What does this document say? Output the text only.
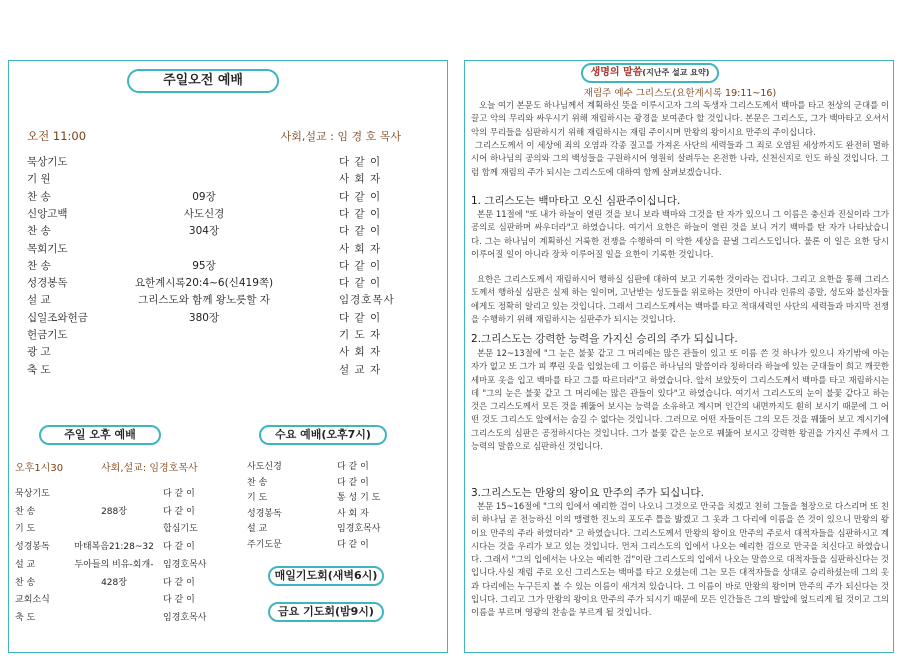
주일오전 예배
오전 11:00	사회,설교 : 임 경 호 목사
묵상기도	다 같 이
기 원	사 회 자
찬 송	09장	다 같 이
신앙고백	사도신경	다 같 이
찬 송	304장	다 같 이
목회기도	사 회 자
찬 송	95장	다 같 이
성경봉독	요한계시록20:4~6(신419쪽)	다 같 이
설 교	그리스도와 함께 왕노릇할 자	임경호목사
십일조와헌금	380장	다 같 이
헌금기도	기 도 자
광 고	사 회 자
축 도	설 교 자
주일 오후 예배	수요 예배(오후7시)
오후1시30	사회,설교: 임경호목사
묵상기도	다 같 이
찬 송	288장	다 같 이
기 도	합심기도
성경봉독	마태복음21:28~32	다 같 이
설 교	두아들의 비유-회개-	임경호목사
찬 송	428장	다 같 이
교회소식	다 같 이
축 도	임경호목사
사도신경	다 같 이
찬 송	다 같 이
기 도	통 성 기 도
성경봉독	사 회 자
설 교	임경호목사
주기도문	다 같 이
매일기도회(새벽6시)
금요 기도회(밤9시)
생명의 말씀(지난주 설교 요약)
재림주 예수 그리스도(요한계시록 19:11~16)

오늘 여기 본문도 하나님께서 계획하신 뜻을 이루시고자 그의 독생자 그리스도께서 백마를 타고 천상의 군대를 이끌고 악의 무리와 싸우시기 위해 재림하시는 광경을 보여준다 할 것입니다. 본문은 그리스도, 그가 백마타고 오셔서 악의 무리들을 심판하시기 위해 재림하시는 재림 주이시며 만왕의 왕이시요 만주의 주이십니다.

그리스도께서 이 세상에 죄의 오염과 각종 질고를 가져온 사단의 세력들과 그 죄로 오염된 세상까지도 완전히 멸하시어 하나님의 공의와 그의 백성들을 구원하시어 영원히 살려두는 온전한 나라, 신천신지로 인도 하실 것입니다. 그럼 함께 재림의 주가 되시는 그리스도에 대하여 함께 살펴보겠습니다.

1. 그리스도는 백마타고 오신 심판주이십니다.

본문 11절에 "또 내가 하늘이 열린 것을 보니 보라 백마와 그것을 탄 자가 있으니 그 이름은 충신과 진실이라 그가 공의로 심판하며 싸우더라"고 하였습니다. 여기서 요한은 하늘이 열린 것을 보니 거기 백마를 탄 자가 나타났습니다. 그는 하나님이 계획하신 거룩한 전쟁을 수행하여 이 악한 세상을 끝낼 그리스도입니다. 물론 이 일은 요한 당시 이루어질 일이 아니라 장차 이루어질 일을 요한이 기록한 것입니다.

요한은 그리스도께서 재림하시어 행하실 심판에 대하여 보고 기록한 것이라는 겁니다. 그리고 요한을 통해 그리스도께서 행하실 심판은 실제 하는 일이며, 고난받는 성도들을 위로하는 것만이 아니라 인류의 종말, 성도와 불신자들에게도 정확히 알리고 있는 것입니다. 그래서 그리스도께서는 백마를 타고 적대세력인 사단의 세력들과 마지막 전쟁을 수행하기 위해 재림하시는 심판주가 되시는 것입니다.

2.그리스도는 강력한 능력을 가지신 승리의 주가 되십니다.

본문 12~13절에 "그 눈은 불꽃 같고 그 머리에는 많은 관들이 있고 또 이름 쓴 것 하나가 있으니 자기밖에 아는 자가 없고 또 그가 피 뿌린 옷을 입었는데 그 이름은 하나님의 말씀이라 칭하더라 하늘에 있는 군대들이 희고 깨끗한 세마포 옷을 입고 백마를 타고 그를 따르더라"고 하였습니다. 앞서 보았듯이 그리스도께서 백마를 타고 재림하시는데 "그의 눈은 불꽃 같고 그 머리에는 많은 관들이 있다"고 하였습니다. 여기서 그리스도의 눈이 불꽃 같다고 하는 것은 그리스도께서 모든 것을 꿰뚫어 보시는 능력을 소유하고 계시며 인간의 내면까지도 훤히 보시기 때문에 그 어떤 것도 그리스도 앞에서는 숨길 수 없다는 것입니다. 그러므로 어떤 자들이든 그의 모든 것을 꿰뚫어 보고 계시기에 그리스도의 심판은 공정하시다는 것입니다. 그가 불꽃 같은 눈으로 꿰뚫어 보시고 강력한 왕권을 가지신 주께서 그 능력의 말씀으로 심판하신 것입니다.

3.그리스도는 만왕의 왕이요 만주의 주가 되십니다.

본문 15~16절에 "그의 입에서 예리한 검이 나오니 그것으로 만국을 치겠고 친히 그들을 철장으로 다스리며 또 친히 하나님 곧 전능하신 이의 맹렬한 진노의 포도주 틀을 밟겠고 그 옷과 그 다리에 이름을 쓴 것이 있으니 만왕의 왕이요 만주의 주라 하였더라" 고 하였습니다. 그리스도께서 만왕의 왕이요 만주의 주로서 대적자들을 심판하시고 계시다는 것을 우리가 보고 있는 것입니다. 먼저 그리스도의 입에서 나오는 예리한 검으로 만국을 치신다고 하였습니다. 그래서 "그의 입에서는 나오는 예리한 검"이란 그리스도의 입에서 나오는 말씀으로 대적자들을 심판하신다는 것입니다.사실 재림 주로 오신 그리스도는 백마를 타고 오셨는데 그는 모든 대적자들을 상대로 승리하셨는데 그의 옷과 다리에는 누구든지 볼 수 있는 이름이 새겨져 있습니다. 그 이름이 바로 만왕의 왕이며 만주의 주가 되신다는 것입니다. 그리고 그가 만왕의 왕이요 만주의 주가 되시기 때문에 모든 인간들은 그의 발앞에 엎드리게 될 것이고 그의 이름을 부르며 영광의 찬송을 부르게 될 것입니다.
